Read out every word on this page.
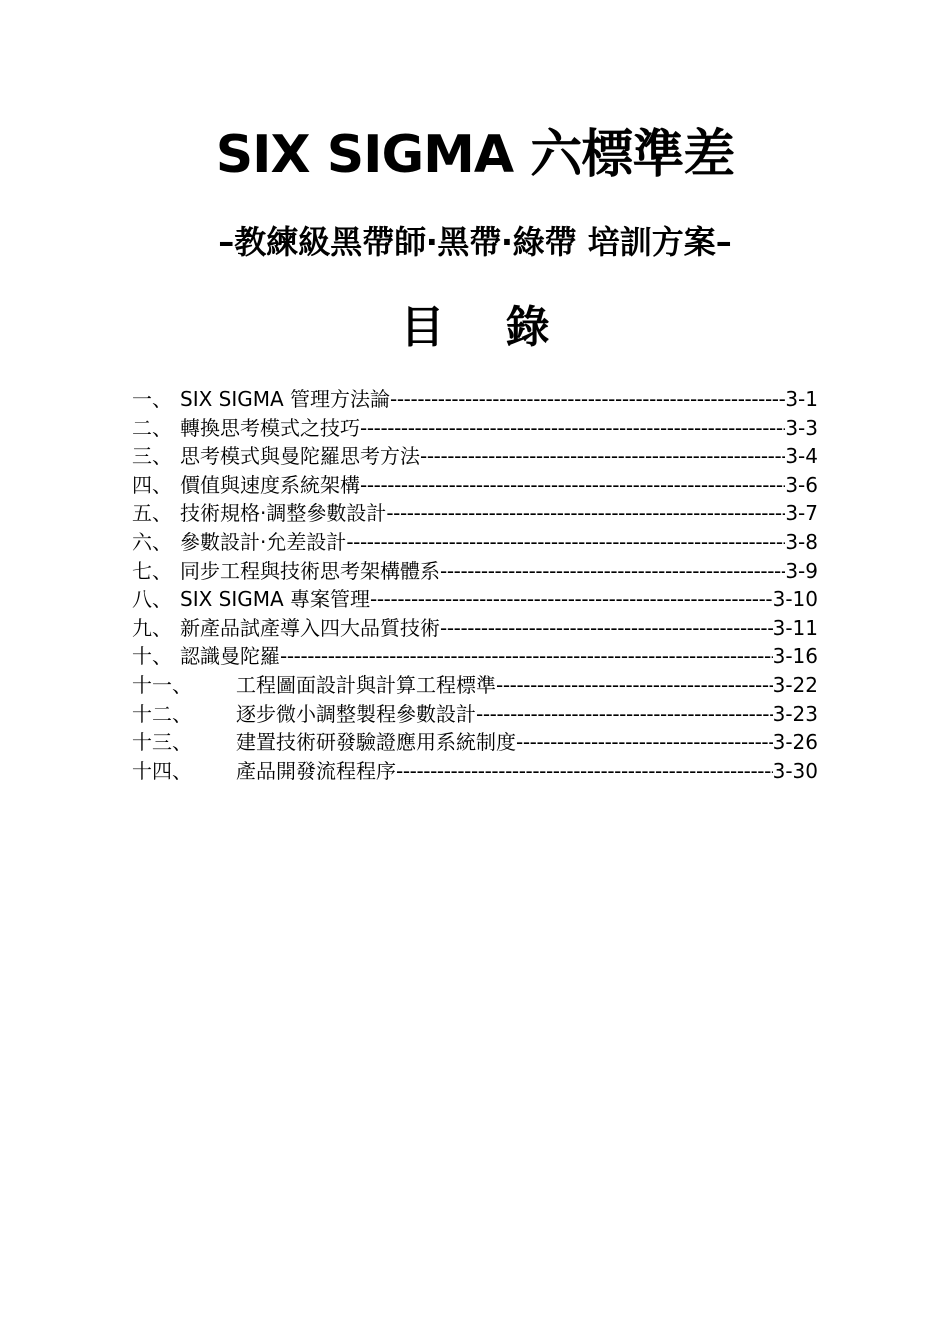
SIX SIGMA 六標準差
–教練級黑帶師‧黑帶‧綠帶 培訓方案–
目    錄
一、 SIX SIGMA 管理方法論 -----	3-1
二、 轉換思考模式之技巧 -----	3-3
三、 思考模式與曼陀羅思考方法 -----	3-4
四、 價值與速度系統架構 -----	3-6
五、 技術規格‧調整參數設計 -----	3-7
六、 參數設計‧允差設計 -----	3-8
七、 同步工程與技術思考架構體系 -----	3-9
八、 SIX SIGMA 專案管理 -----	3-10
九、 新產品試產導入四大品質技術 -----	3-11
十、 認識曼陀羅 -----	3-16
十一、	工程圖面設計與計算工程標準 -----	3-22
十二、	逐步微小調整製程參數設計 -----	3-23
十三、	建置技術研發驗證應用系統制度 -----	3-26
十四、	產品開發流程程序 -----	3-30
